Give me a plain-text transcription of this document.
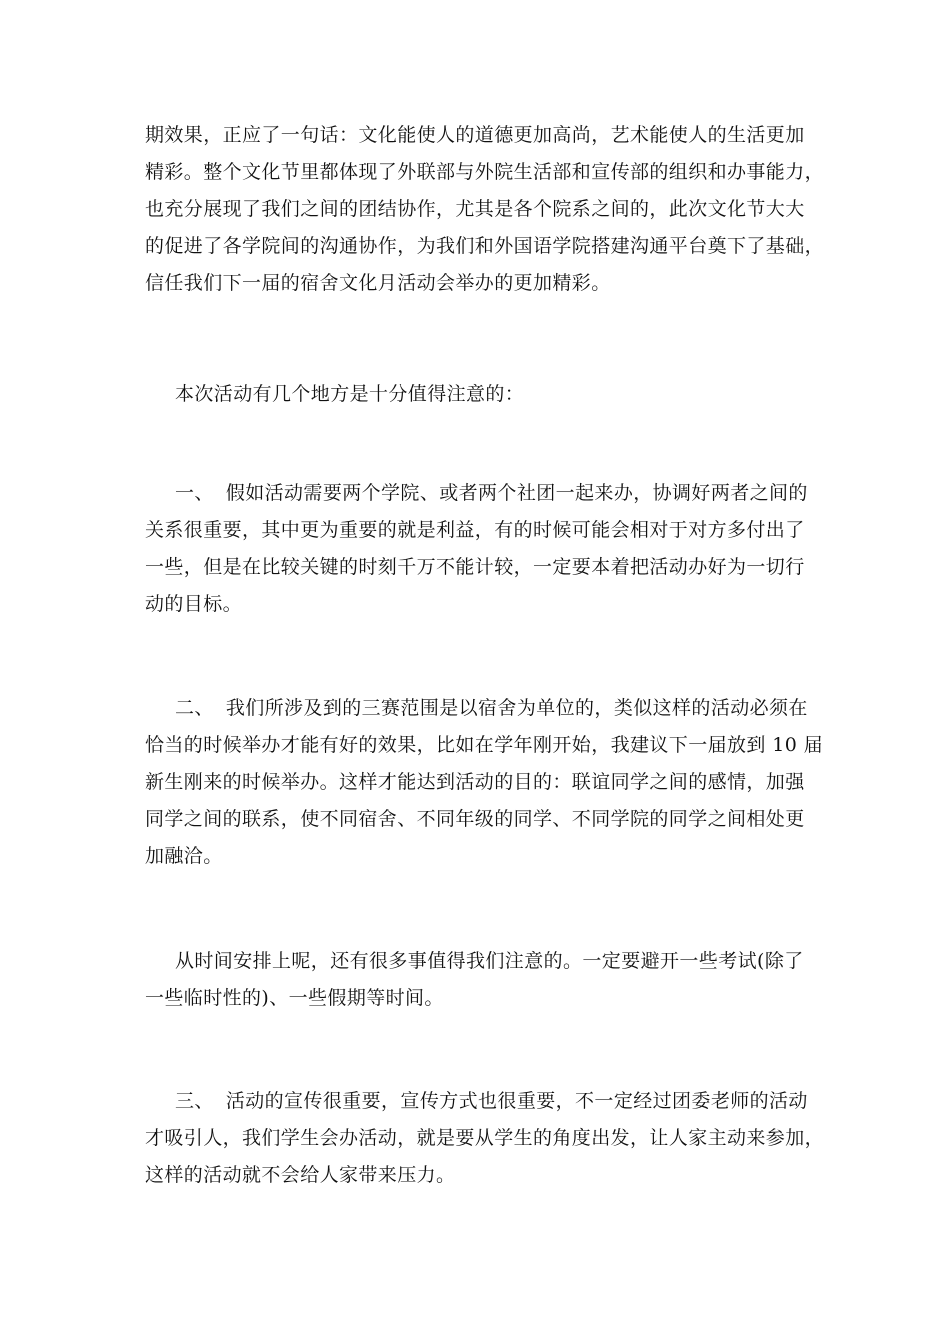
期效果，正应了一句话：文化能使人的道德更加高尚，艺术能使人的生活更加
精彩。整个文化节里都体现了外联部与外院生活部和宣传部的组织和办事能力，
也充分展现了我们之间的团结协作，尤其是各个院系之间的，此次文化节大大
的促进了各学院间的沟通协作，为我们和外国语学院搭建沟通平台奠下了基础，
信任我们下一届的宿舍文化月活动会举办的更加精彩。
本次活动有几个地方是十分值得注意的：
一、 假如活动需要两个学院、或者两个社团一起来办，协调好两者之间的
关系很重要，其中更为重要的就是利益，有的时候可能会相对于对方多付出了
一些，但是在比较关键的时刻千万不能计较，一定要本着把活动办好为一切行
动的目标。
二、 我们所涉及到的三赛范围是以宿舍为单位的，类似这样的活动必须在
恰当的时候举办才能有好的效果，比如在学年刚开始，我建议下一届放到 10 届
新生刚来的时候举办。这样才能达到活动的目的：联谊同学之间的感情，加强
同学之间的联系，使不同宿舍、不同年级的同学、不同学院的同学之间相处更
加融洽。
从时间安排上呢，还有很多事值得我们注意的。一定要避开一些考试(除了
一些临时性的)、一些假期等时间。
三、 活动的宣传很重要，宣传方式也很重要，不一定经过团委老师的活动
才吸引人，我们学生会办活动，就是要从学生的角度出发，让人家主动来参加，
这样的活动就不会给人家带来压力。
